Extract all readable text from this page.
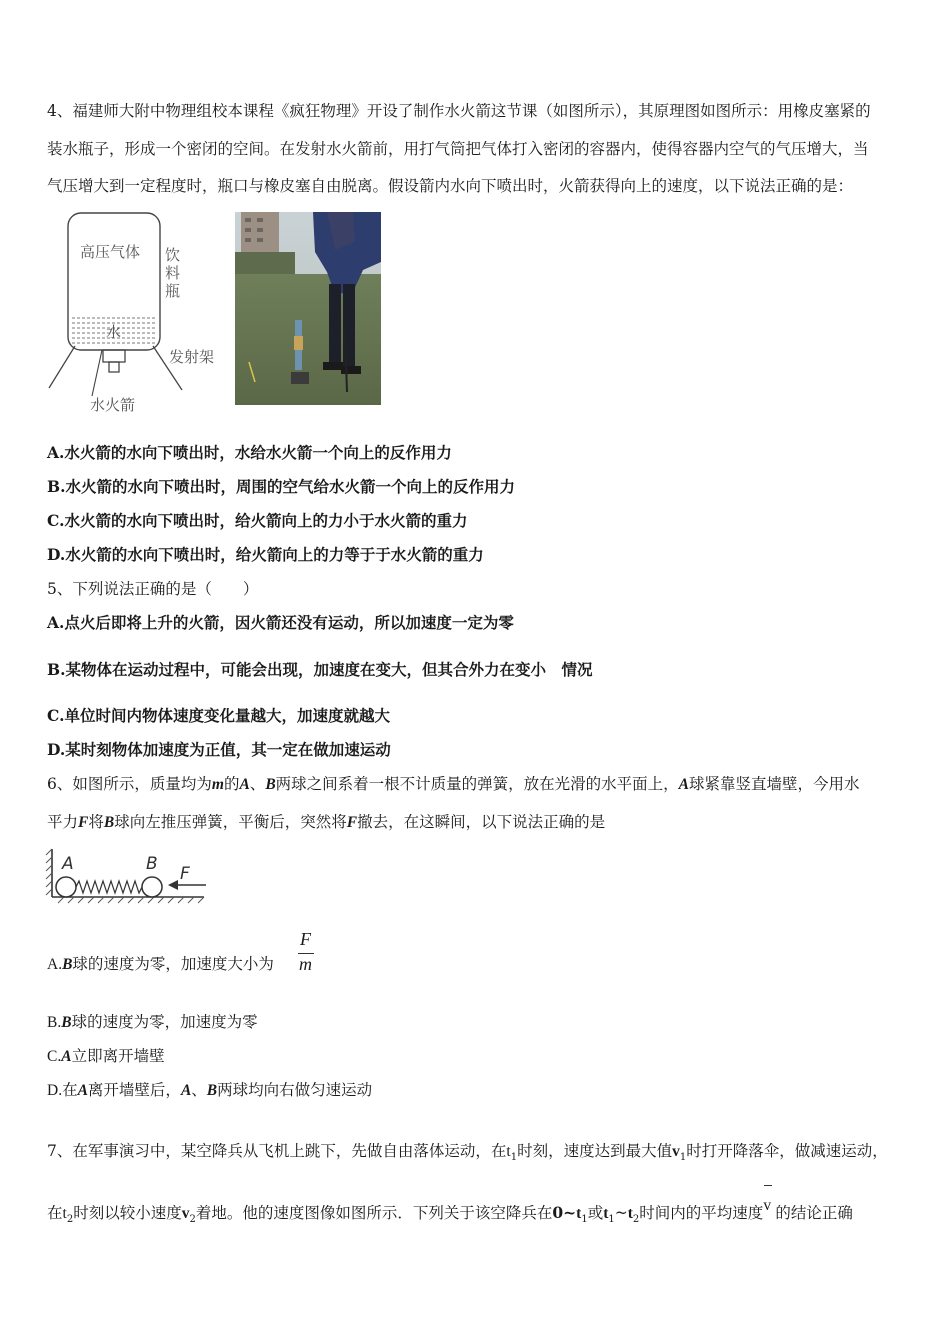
4、福建师大附中物理组校本课程《疯狂物理》开设了制作水火箭这节课（如图所示），其原理图如图所示：用橡皮塞紧的
装水瓶子，形成一个密闭的空间。在发射水火箭前，用打气筒把气体打入密闭的容器内，使得容器内空气的气压增大，当
气压增大到一定程度时，瓶口与橡皮塞自由脱离。假设箭内水向下喷出时，火箭获得向上的速度，以下说法正确的是：
高压气体 饮
料
瓶
水
发射架
水火箭
A.水火箭的水向下喷出时，水给水火箭一个向上的反作用力
B.水火箭的水向下喷出时，周围的空气给水火箭一个向上的反作用力
C.水火箭的水向下喷出时，给火箭向上的力小于水火箭的重力
D.水火箭的水向下喷出时，给火箭向上的力等于于水火箭的重力
5、下列说法正确的是（　　）
A.点火后即将上升的火箭，因火箭还没有运动，所以加速度一定为零
B.某物体在运动过程中，可能会出现，加速度在变大，但其合外力在变小　情况
C.单位时间内物体速度变化量越大，加速度就越大
D.某时刻物体加速度为正值，其一定在做加速运动
6、如图所示，质量均为m的A、B两球之间系着一根不计质量的弹簧，放在光滑的水平面上，A球紧靠竖直墙壁，今用水
平力F将B球向左推压弹簧，平衡后，突然将F撤去，在这瞬间，以下说法正确的是
A	B F
A.B球的速度为零，加速度大小为
F
m
B.B球的速度为零，加速度为零
C.A立即离开墙壁
D.在A离开墙壁后，A、B两球均向右做匀速运动
7、在军事演习中，某空降兵从飞机上跳下，先做自由落体运动，在$t_1$时刻，速度达到最大值$v_1$时打开降落伞，做减速运动，
在$t_2$时刻以较小速度$v_2$着地。他的速度图像如图所示．下列关于该空降兵在$0\sim t_1$或$t_1\sim t_2$时间内的平均速度
v 的结论正确
